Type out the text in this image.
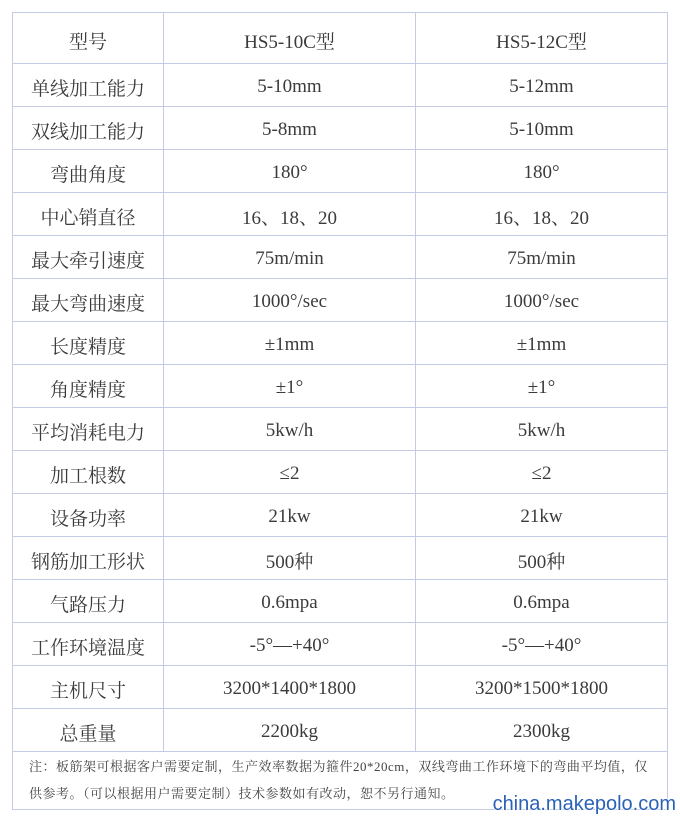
型号	HS5-10C型	HS5-12C型
单线加工能力	5-10mm	5-12mm
双线加工能力	5-8mm	5-10mm
弯曲角度	180°	180°
中心销直径	16、18、20	16、18、20
最大牵引速度	75m/min	75m/min
最大弯曲速度	1000°/sec	1000°/sec
长度精度	±1mm	±1mm
角度精度	±1°	±1°
平均消耗电力	5kw/h	5kw/h
加工根数	≤2	≤2
设备功率	21kw	21kw
钢筋加工形状	500种	500种
气路压力	0.6mpa	0.6mpa
工作环境温度	-5°—+40°	-5°—+40°
主机尺寸	3200*1400*1800	3200*1500*1800
总重量	2200kg	2300kg
注：板筋架可根据客户需要定制，生产效率数据为箍件20*20cm，双线弯曲工作环境下的弯曲平均值，仅
供参考。（可以根据用户需要定制）技术参数如有改动，恕不另行通知。	china.makepolo.com
